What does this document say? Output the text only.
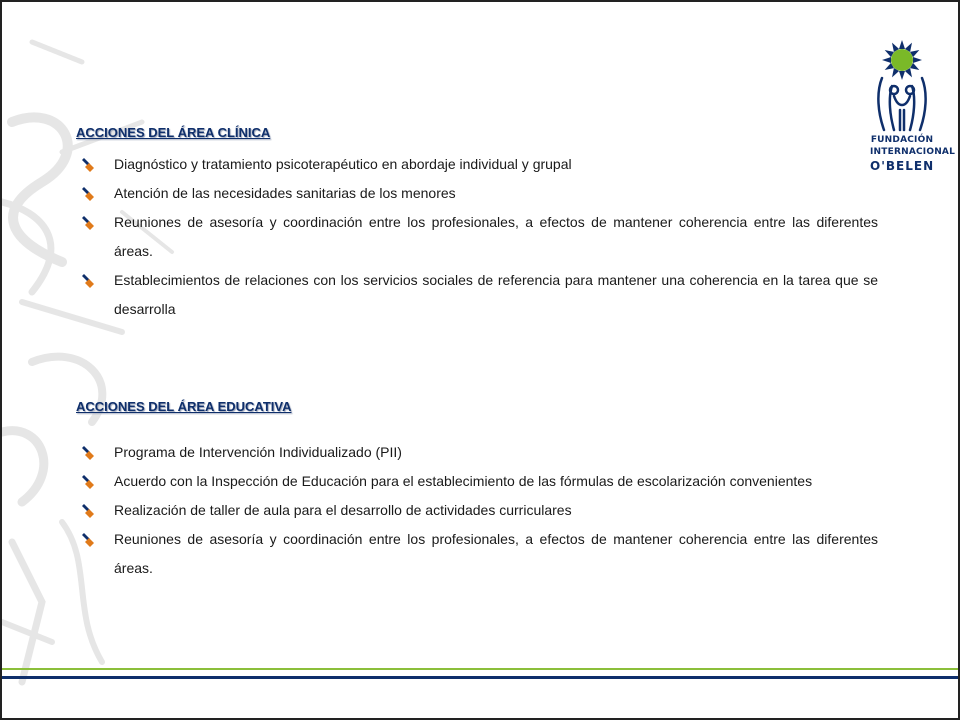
FUNDACIÓN
INTERNACIONAL
O'BELEN
ACCIONES DEL ÁREA CLÍNICA
Diagnóstico y tratamiento psicoterapéutico en abordaje individual y grupal
Atención de las necesidades sanitarias de los menores
Reuniones de asesoría y coordinación entre los profesionales, a efectos de mantener coherencia entre las diferentes áreas.
Establecimientos de relaciones con los servicios sociales de referencia para mantener una coherencia en la tarea que se desarrolla
ACCIONES DEL ÁREA EDUCATIVA
Programa de Intervención Individualizado (PII)
Acuerdo con la Inspección de Educación para el establecimiento de las fórmulas de escolarización convenientes
Realización de taller de aula para el desarrollo de actividades curriculares
Reuniones de asesoría y coordinación entre los profesionales, a efectos de mantener coherencia entre las diferentes áreas.
